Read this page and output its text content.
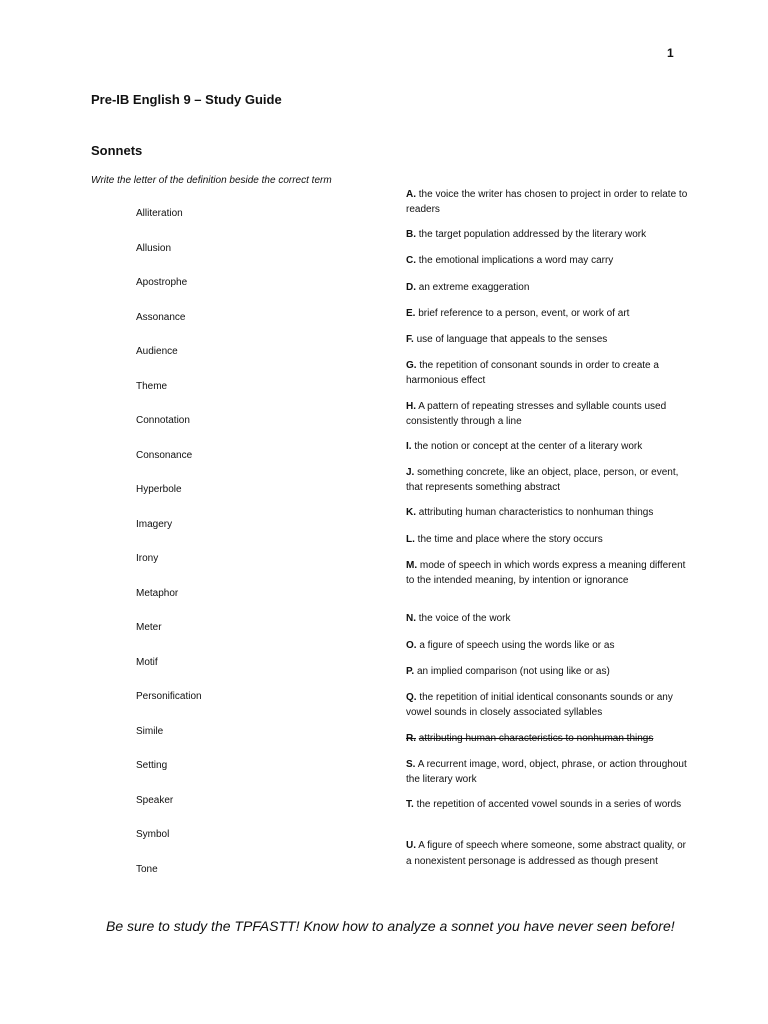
1
Pre-IB English 9 – Study Guide
Sonnets
Write the letter of the definition beside the correct term
Alliteration
Allusion
Apostrophe
Assonance
Audience
Theme
Connotation
Consonance
Hyperbole
Imagery
Irony
Metaphor
Meter
Motif
Personification
Simile
Setting
Speaker
Symbol
Tone
A. the voice the writer has chosen to project in order to relate to readers
B. the target population addressed by the literary work
C. the emotional implications a word may carry
D. an extreme exaggeration
E. brief reference to a person, event, or work of art
F. use of language that appeals to the senses
G. the repetition of consonant sounds in order to create a harmonious effect
H. A pattern of repeating stresses and syllable counts used consistently through a line
I. the notion or concept at the center of a literary work
J. something concrete, like an object, place, person, or event, that represents something abstract
K. attributing human characteristics to nonhuman things
L. the time and place where the story occurs
M. mode of speech in which words express a meaning different to the intended meaning, by intention or ignorance
N. the voice of the work
O. a figure of speech using the words like or as
P. an implied comparison (not using like or as)
Q. the repetition of initial identical consonants sounds or any vowel sounds in closely associated syllables
R. attributing human characteristics to nonhuman things
S. A recurrent image, word, object, phrase, or action throughout the literary work
T. the repetition of accented vowel sounds in a series of words
U. A figure of speech where someone, some abstract quality, or a nonexistent personage is addressed as though present
Be sure to study the TPFASTT! Know how to analyze a sonnet you have never seen before!
